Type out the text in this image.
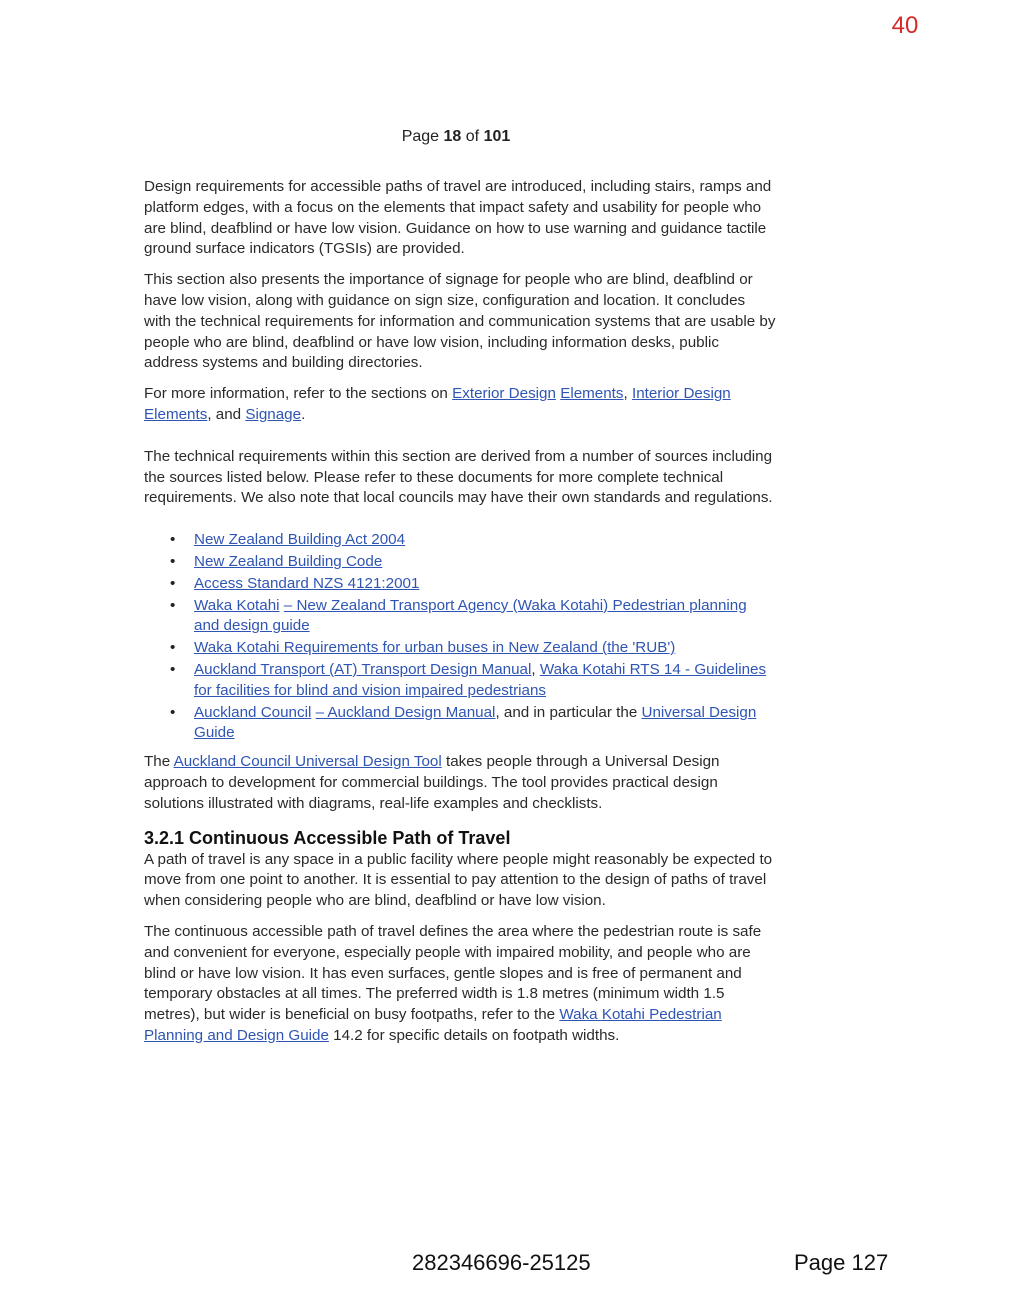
40
Page 18 of 101

Design requirements for accessible paths of travel are introduced, including stairs, ramps and platform edges, with a focus on the elements that impact safety and usability for people who are blind, deafblind or have low vision. Guidance on how to use warning and guidance tactile ground surface indicators (TGSIs) are provided.

This section also presents the importance of signage for people who are blind, deafblind or have low vision, along with guidance on sign size, configuration and location. It concludes with the technical requirements for information and communication systems that are usable by people who are blind, deafblind or have low vision, including information desks, public address systems and building directories.

For more information, refer to the sections on Exterior Design Elements, Interior Design Elements, and Signage.

The technical requirements within this section are derived from a number of sources including the sources listed below. Please refer to these documents for more complete technical requirements. We also note that local councils may have their own standards and regulations.

• New Zealand Building Act 2004
• New Zealand Building Code
• Access Standard NZS 4121:2001
• Waka Kotahi – New Zealand Transport Agency (Waka Kotahi) Pedestrian planning and design guide
• Waka Kotahi Requirements for urban buses in New Zealand (the 'RUB')
• Auckland Transport (AT) Transport Design Manual, Waka Kotahi RTS 14 - Guidelines for facilities for blind and vision impaired pedestrians
• Auckland Council – Auckland Design Manual, and in particular the Universal Design Guide

The Auckland Council Universal Design Tool takes people through a Universal Design approach to development for commercial buildings. The tool provides practical design solutions illustrated with diagrams, real-life examples and checklists.

3.2.1 Continuous Accessible Path of Travel

A path of travel is any space in a public facility where people might reasonably be expected to move from one point to another. It is essential to pay attention to the design of paths of travel when considering people who are blind, deafblind or have low vision.

The continuous accessible path of travel defines the area where the pedestrian route is safe and convenient for everyone, especially people with impaired mobility, and people who are blind or have low vision. It has even surfaces, gentle slopes and is free of permanent and temporary obstacles at all times. The preferred width is 1.8 metres (minimum width 1.5 metres), but wider is beneficial on busy footpaths, refer to the Waka Kotahi Pedestrian Planning and Design Guide 14.2 for specific details on footpath widths.

282346696-25125	Page 127
